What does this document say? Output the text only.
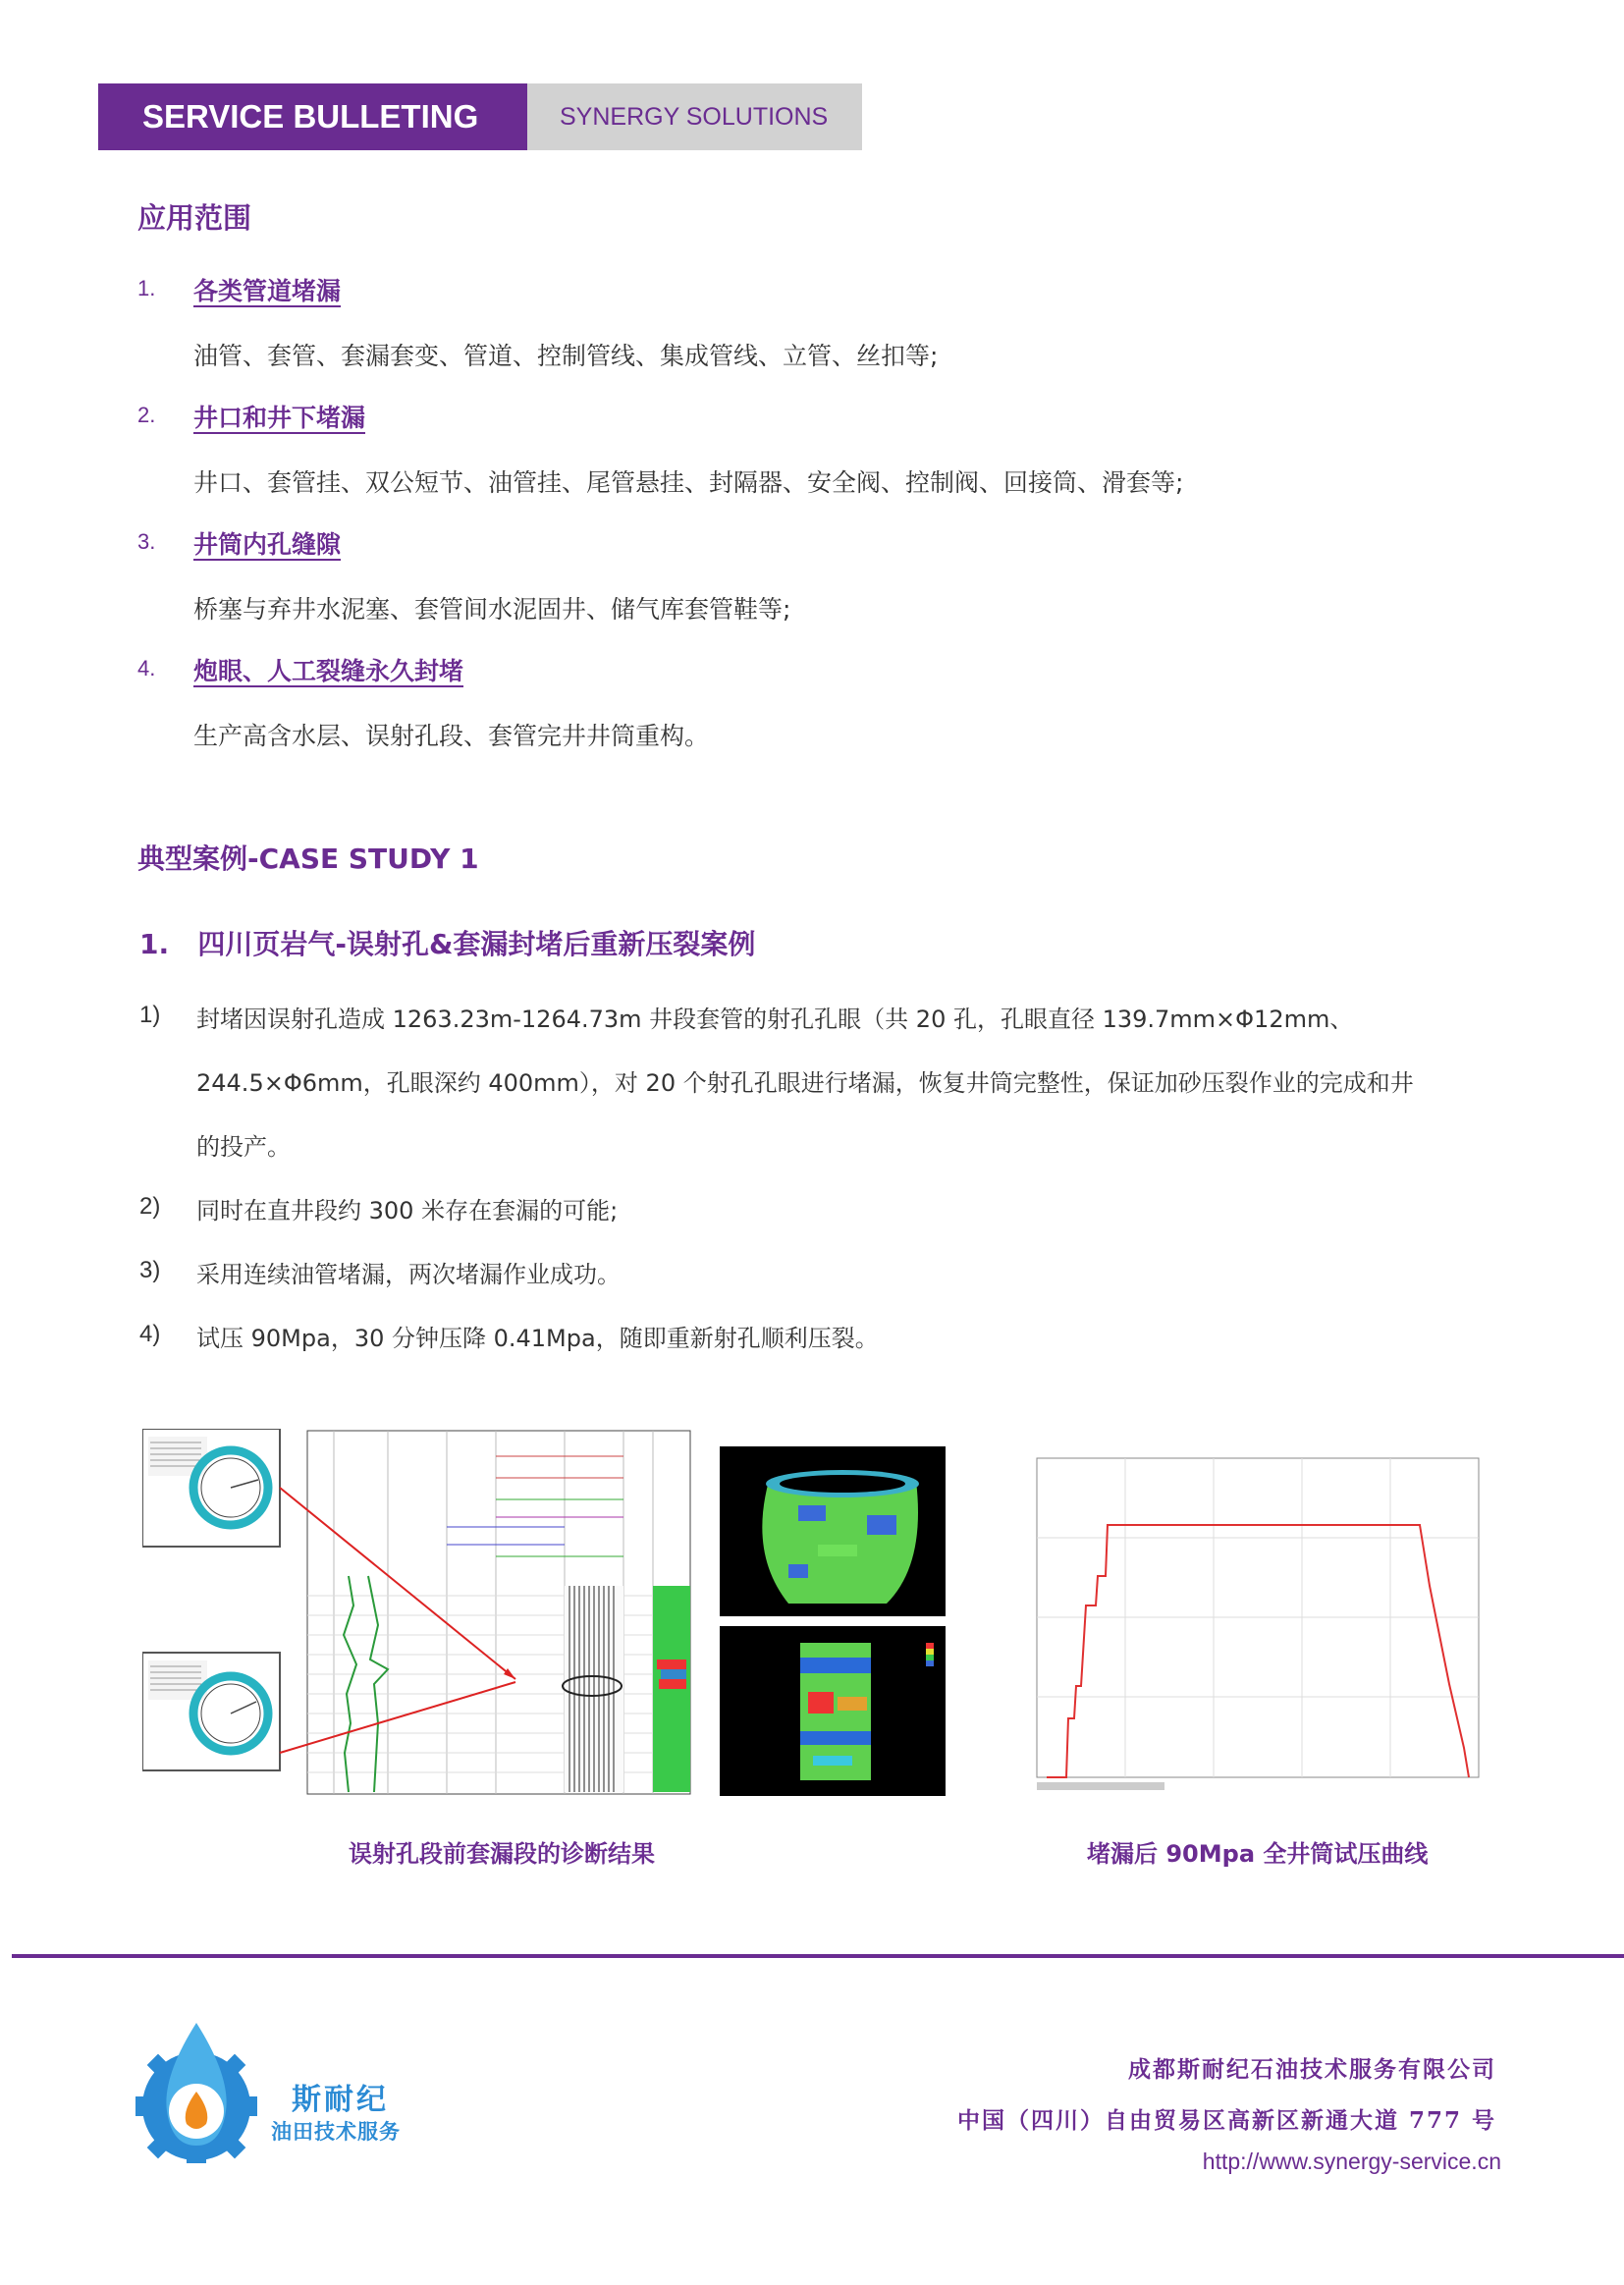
SERVICE BULLETING	SYNERGY SOLUTIONS
应用范围
1. 各类管道堵漏
油管、套管、套漏套变、管道、控制管线、集成管线、立管、丝扣等;
2. 井口和井下堵漏
井口、套管挂、双公短节、油管挂、尾管悬挂、封隔器、安全阀、控制阀、回接筒、滑套等;
3. 井筒内孔缝隙
桥塞与弃井水泥塞、套管间水泥固井、储气库套管鞋等;
4. 炮眼、人工裂缝永久封堵
生产高含水层、误射孔段、套管完井井筒重构。
典型案例-CASE STUDY 1
1.   四川页岩气-误射孔&套漏封堵后重新压裂案例
1) 封堵因误射孔造成 1263.23m-1264.73m 井段套管的射孔孔眼（共 20 孔，孔眼直径 139.7mm×Φ12mm、
244.5×Φ6mm，孔眼深约 400mm），对 20 个射孔孔眼进行堵漏，恢复井筒完整性，保证加砂压裂作业的完成和井
的投产。
2) 同时在直井段约 300 米存在套漏的可能;
3) 采用连续油管堵漏，两次堵漏作业成功。
4) 试压 90Mpa，30 分钟压降 0.41Mpa，随即重新射孔顺利压裂。
误射孔段前套漏段的诊断结果	堵漏后 90Mpa 全井筒试压曲线
斯耐纪
油田技术服务
成都斯耐纪石油技术服务有限公司
中国（四川）自由贸易区高新区新通大道 777 号
http://www.synergy-service.cn
